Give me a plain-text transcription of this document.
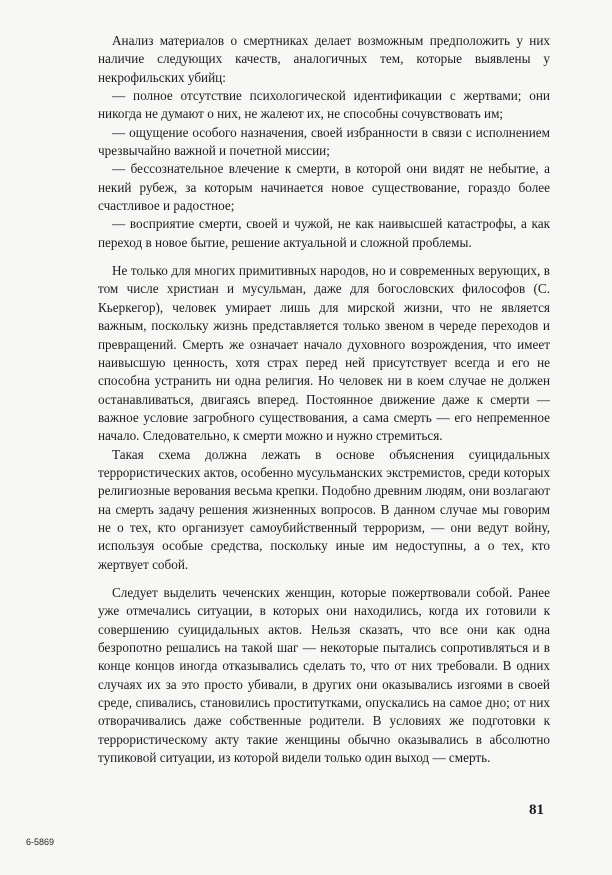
Анализ материалов о смертниках делает возможным предположить у них наличие следующих качеств, аналогичных тем, которые выявлены у некрофильских убийц:

— полное отсутствие психологической идентификации с жертвами; они никогда не думают о них, не жалеют их, не способны сочувствовать им;

— ощущение особого назначения, своей избранности в связи с исполнением чрезвычайно важной и почетной миссии;

— бессознательное влечение к смерти, в которой они видят не небытие, а некий рубеж, за которым начинается новое существование, гораздо более счастливое и радостное;

— восприятие смерти, своей и чужой, не как наивысшей катастрофы, а как переход в новое бытие, решение актуальной и сложной проблемы.

Не только для многих примитивных народов, но и современных верующих, в том числе христиан и мусульман, даже для богословских философов (С. Кьеркегор), человек умирает лишь для мирской жизни, что не является важным, поскольку жизнь представляется только звеном в череде переходов и превращений. Смерть же означает начало духовного возрождения, что имеет наивысшую ценность, хотя страх перед ней присутствует всегда и его не способна устранить ни одна религия. Но человек ни в коем случае не должен останавливаться, двигаясь вперед. Постоянное движение даже к смерти — важное условие загробного существования, а сама смерть — его непременное начало. Следовательно, к смерти можно и нужно стремиться.

Такая схема должна лежать в основе объяснения суицидальных террористических актов, особенно мусульманских экстремистов, среди которых религиозные верования весьма крепки. Подобно древним людям, они возлагают на смерть задачу решения жизненных вопросов. В данном случае мы говорим не о тех, кто организует самоубийственный терроризм, — они ведут войну, используя особые средства, поскольку иные им недоступны, а о тех, кто жертвует собой.

Следует выделить чеченских женщин, которые пожертвовали собой. Ранее уже отмечались ситуации, в которых они находились, когда их готовили к совершению суицидальных актов. Нельзя сказать, что все они как одна безропотно решались на такой шаг — некоторые пытались сопротивляться и в конце концов иногда отказывались сделать то, что от них требовали. В одних случаях их за это просто убивали, в других они оказывались изгоями в своей среде, спивались, становились проститутками, опускались на самое дно; от них отворачивались даже собственные родители. В условиях же подготовки к террористическому акту такие женщины обычно оказывались в абсолютно тупиковой ситуации, из которой видели только один выход — смерть.

81
6-5869
